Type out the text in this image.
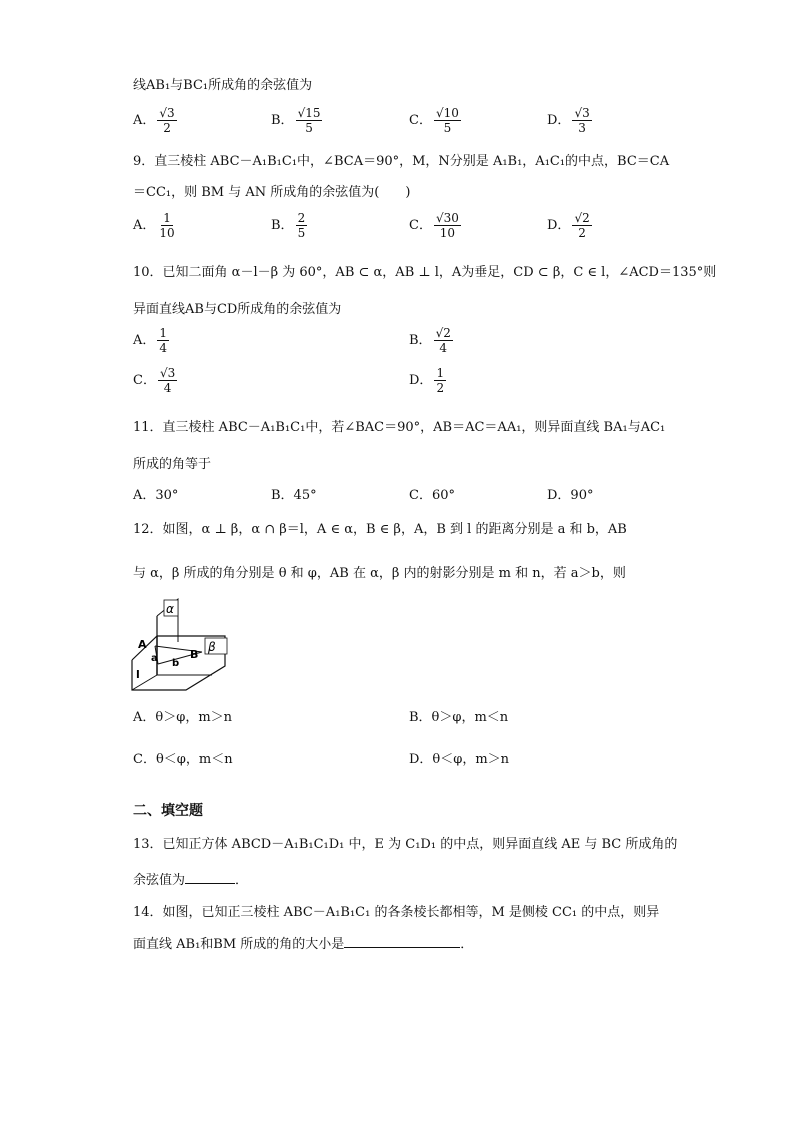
线AB₁与BC₁所成角的余弦值为
A． $\frac{√3}{2}$	B． $\frac{√15}{5}$	C． $\frac{√10}{5}$	D． $\frac{√3}{3}$
9．直三棱柱 ABC－A₁B₁C₁中，∠BCA＝90°，M，N分别是 A₁B₁，A₁C₁的中点，BC＝CA
＝CC₁，则 BM 与 AN 所成角的余弦值为(　　)
A． $\frac{1}{10}$	B． $\frac{2}{5}$	C． $\frac{√30}{10}$	D． $\frac{√2}{2}$
10．已知二面角 α－l－β 为 60°，AB ⊂ α，AB ⊥ l，A为垂足，CD ⊂ β，C ∈ l，∠ACD＝135°则
异面直线AB与CD所成角的余弦值为
A． $\frac{1}{4}$	B． $\frac{√2}{4}$
C． $\frac{√3}{4}$	D． $\frac{1}{2}$
11．直三棱柱 ABC－A₁B₁C₁中，若∠BAC＝90°，AB＝AC＝AA₁，则异面直线 BA₁与AC₁
所成的角等于
A．30°	B．45°	C．60°	D．90°
12．如图，α ⊥ β，α ∩ β＝l，A ∈ α，B ∈ β，A，B 到 l 的距离分别是 a 和 b，AB
与 α，β 所成的角分别是 θ 和 φ，AB 在 α，β 内的射影分别是 m 和 n，若 a＞b，则
α
β
A
B
a b
l
A．θ＞φ，m＞n	B．θ＞φ，m＜n
C．θ＜φ，m＜n	D．θ＜φ，m＞n
二、填空题
13．已知正方体 ABCD－A₁B₁C₁D₁ 中，E 为 C₁D₁ 的中点，则异面直线 AE 与 BC 所成角的
余弦值为	．
14．如图，已知正三棱柱 ABC－A₁B₁C₁ 的各条棱长都相等，M 是侧棱 CC₁ 的中点，则异
面直线 AB₁和BM 所成的角的大小是	．
